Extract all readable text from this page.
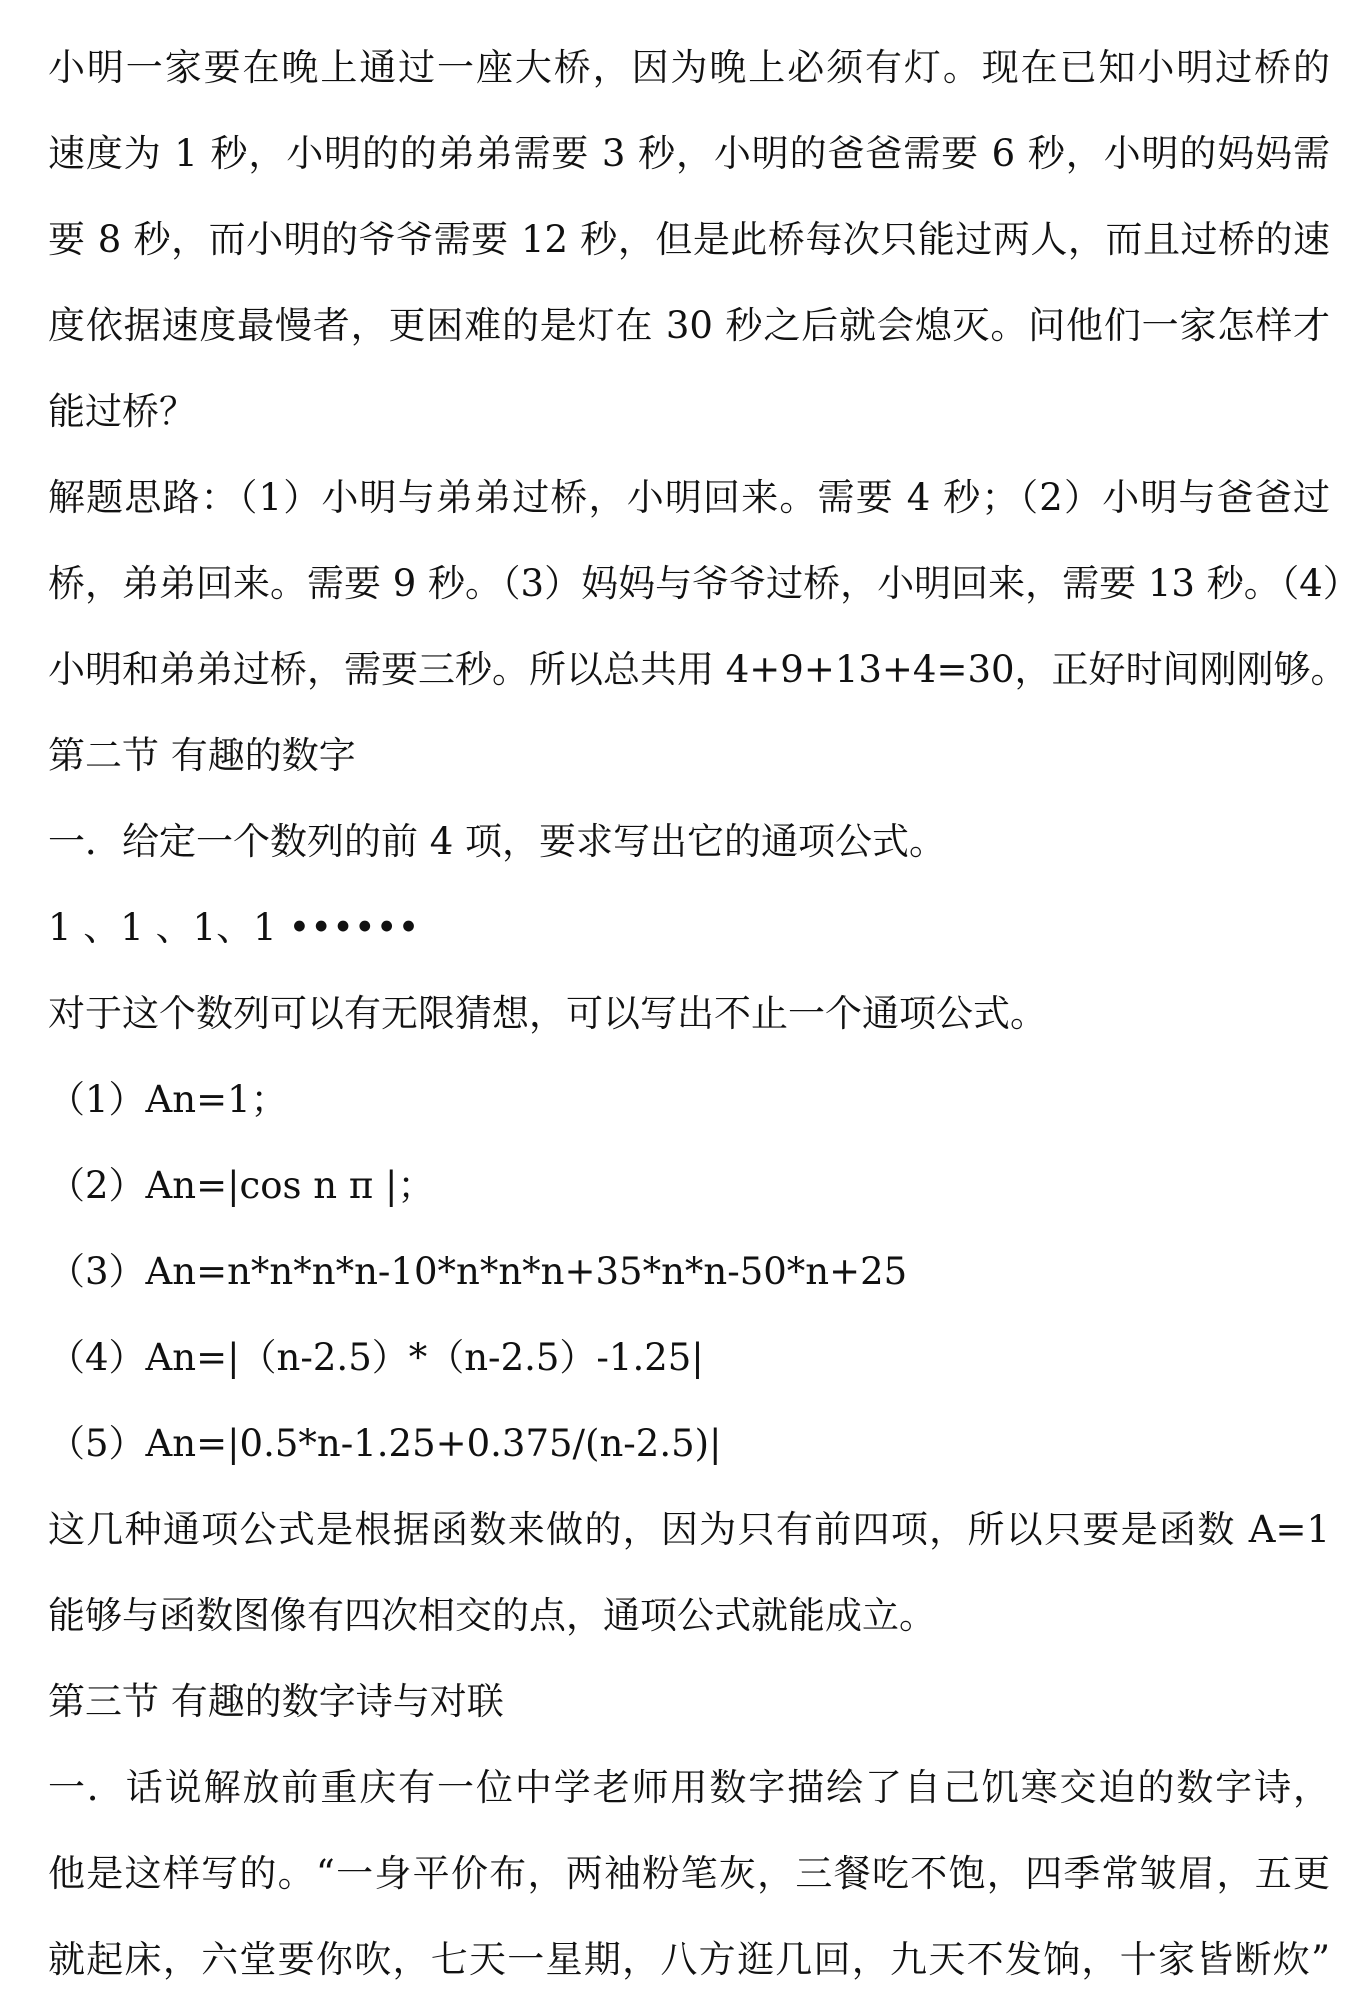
小明一家要在晚上通过一座大桥，因为晚上必须有灯。现在已知小明过桥的
速度为 1 秒，小明的的弟弟需要 3 秒，小明的爸爸需要 6 秒，小明的妈妈需
要 8 秒，而小明的爷爷需要 12 秒，但是此桥每次只能过两人，而且过桥的速
度依据速度最慢者，更困难的是灯在 30 秒之后就会熄灭。问他们一家怎样才
能过桥？
解题思路：（1）小明与弟弟过桥，小明回来。需要 4 秒；（2）小明与爸爸过
桥，弟弟回来。需要 9 秒。（3）妈妈与爷爷过桥，小明回来，需要 13 秒。（4）
小明和弟弟过桥，需要三秒。所以总共用 4+9+13+4=30，正好时间刚刚够。
第二节 有趣的数字
一．给定一个数列的前 4 项，要求写出它的通项公式。
1 、1 、1、1 ••••••
对于这个数列可以有无限猜想，可以写出不止一个通项公式。
（1）An=1；
（2）An=|cos n π |；
（3）An=n*n*n*n-10*n*n*n+35*n*n-50*n+25
（4）An=|（n-2.5）*（n-2.5）-1.25|
（5）An=|0.5*n-1.25+0.375/(n-2.5)|
这几种通项公式是根据函数来做的，因为只有前四项，所以只要是函数 A=1
能够与函数图像有四次相交的点，通项公式就能成立。
第三节 有趣的数字诗与对联
一．话说解放前重庆有一位中学老师用数字描绘了自己饥寒交迫的数字诗，
他是这样写的。“一身平价布，两袖粉笔灰，三餐吃不饱，四季常皱眉，五更
就起床，六堂要你吹，七天一星期，八方逛几回，九天不发饷，十家皆断炊”
